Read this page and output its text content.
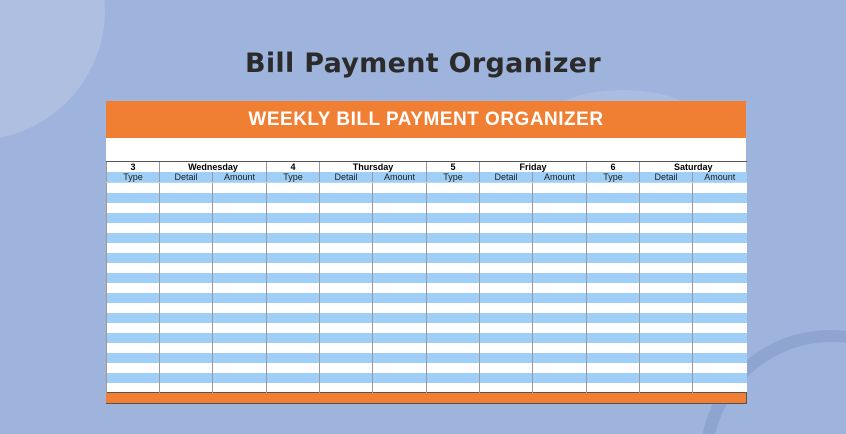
Bill Payment Organizer
WEEKLY BILL PAYMENT ORGANIZER
3	Wednesday		4	Thursday		5	Friday		6	Saturday	
Type	Detail	Amount	Type	Detail	Amount	Type	Detail	Amount	Type	Detail	Amount
